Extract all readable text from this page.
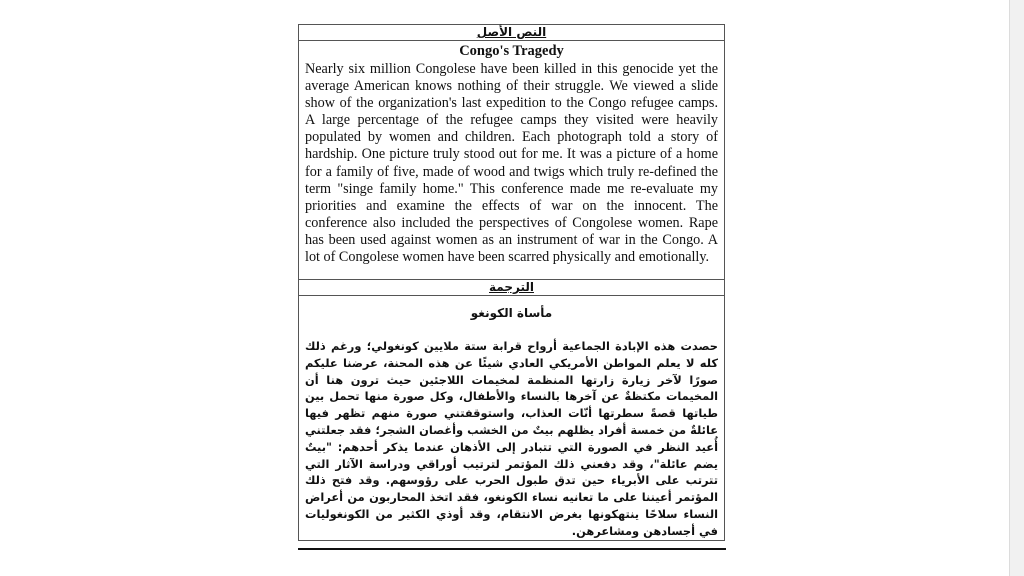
النص الأصل

Congo's Tragedy

Nearly six million Congolese have been killed in this genocide yet the average American knows nothing of their struggle. We viewed a slide show of the organization's last expedition to the Congo refugee camps. A large percentage of the refugee camps they visited were heavily populated by women and children. Each photograph told a story of hardship. One picture truly stood out for me. It was a picture of a home for a family of five, made of wood and twigs which truly re-defined the term "singe family home." This conference made me re-evaluate my priorities and examine the effects of war on the innocent. The conference also included the perspectives of Congolese women. Rape has been used against women as an instrument of war in the Congo. A lot of Congolese women have been scarred physically and emotionally.

الترجمة

مأساة الكونغو

حصدت هذه الإبادة الجماعية أرواح قرابة ستة ملايين كونغولي؛ ورغم ذلك كله لا يعلم المواطن الأمريكي العادي شيئًا عن هذه المحنة، عرضنا عليكم صورًا لآخر زيارة زارتها المنظمة لمخيمات اللاجئين حيث ترون هنا أن المخيمات مكتظةٌ عن آخرها بالنساء والأطفال، وكل صورة منها تحمل بين طياتها قصةً سطرتها أنّات العذاب، واستوقفتني صورة منهم تظهر فيها عائلةٌ من خمسة أفراد يظلهم بيتٌ من الخشب وأغصان الشجر؛ فقد جعلتني أُعيد النظر في الصورة التي تتبادر إلى الأذهان عندما يذكر أحدهم: "بيتٌ يضم عائلة"، وقد دفعني ذلك المؤتمر لترتيب أوراقي ودراسة الآثار التي تترتب على الأبرياء حين تدق طبول الحرب على رؤوسهم. وقد فتح ذلك المؤتمر أعيننا على ما تعانيه نساء الكونغو، فقد اتخذ المحاربون من أعراض النساء سلاحًا ينتهكونها بغرض الانتقام، وقد أوذي الكثير من الكونغوليات في أجسادهن ومشاعرهن.
